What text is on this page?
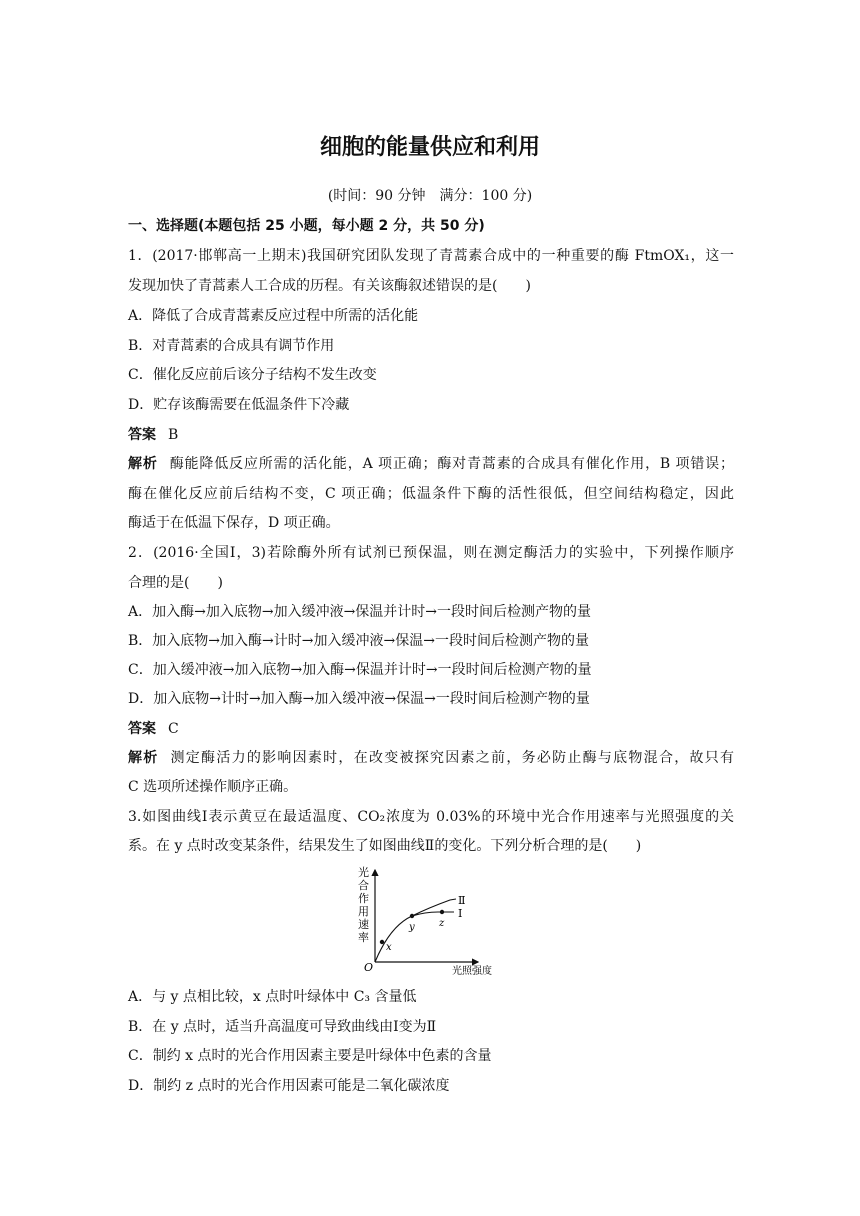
细胞的能量供应和利用
(时间：90 分钟　满分：100 分)
一、选择题(本题包括 25 小题，每小题 2 分，共 50 分)
1．(2017·邯郸高一上期末)我国研究团队发现了青蒿素合成中的一种重要的酶 FtmOX₁，这一
发现加快了青蒿素人工合成的历程。有关该酶叙述错误的是(　　)
A．降低了合成青蒿素反应过程中所需的活化能
B．对青蒿素的合成具有调节作用
C．催化反应前后该分子结构不发生改变
D．贮存该酶需要在低温条件下冷藏
答案 B
解析 酶能降低反应所需的活化能，A 项正确；酶对青蒿素的合成具有催化作用，B 项错误；
酶在催化反应前后结构不变，C 项正确；低温条件下酶的活性很低，但空间结构稳定，因此
酶适于在低温下保存，D 项正确。
2．(2016·全国Ⅰ，3)若除酶外所有试剂已预保温，则在测定酶活力的实验中，下列操作顺序
合理的是(　　)
A．加入酶→加入底物→加入缓冲液→保温并计时→一段时间后检测产物的量
B．加入底物→加入酶→计时→加入缓冲液→保温→一段时间后检测产物的量
C．加入缓冲液→加入底物→加入酶→保温并计时→一段时间后检测产物的量
D．加入底物→计时→加入酶→加入缓冲液→保温→一段时间后检测产物的量
答案 C
解析 测定酶活力的影响因素时，在改变被探究因素之前，务必防止酶与底物混合，故只有
C 选项所述操作顺序正确。
3.如图曲线Ⅰ表示黄豆在最适温度、CO₂浓度为 0.03%的环境中光合作用速率与光照强度的关
系。在 y 点时改变某条件，结果发生了如图曲线Ⅱ的变化。下列分析合理的是(　　)
光
合
作
用
速
率
O	光照强度
x
y z
Ⅱ
Ⅰ
A．与 y 点相比较，x 点时叶绿体中 C₃ 含量低
B．在 y 点时，适当升高温度可导致曲线由Ⅰ变为Ⅱ
C．制约 x 点时的光合作用因素主要是叶绿体中色素的含量
D．制约 z 点时的光合作用因素可能是二氧化碳浓度
